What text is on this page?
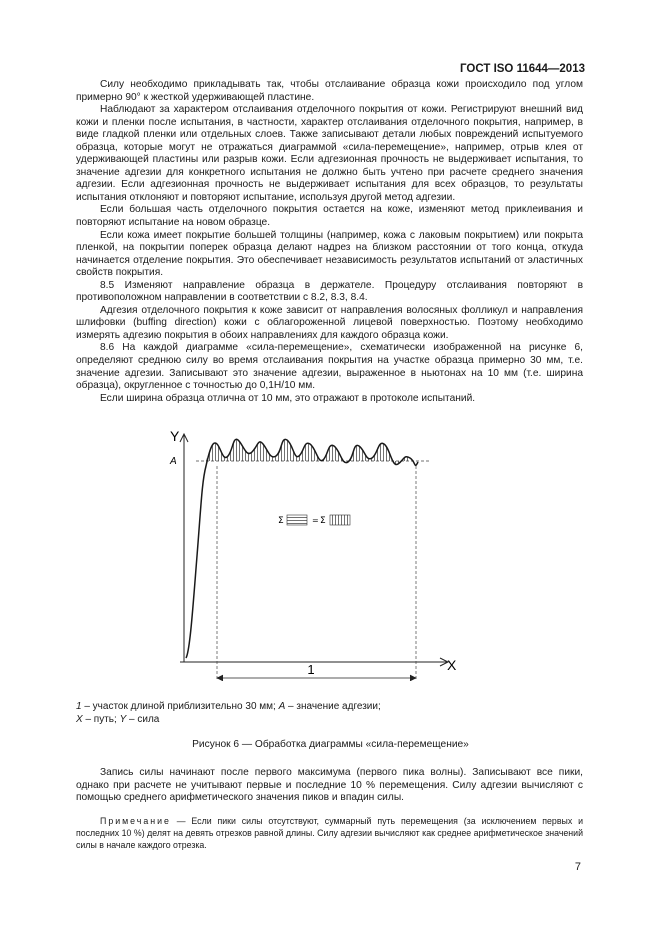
ГОСТ ISO 11644—2013

Силу необходимо прикладывать так, чтобы отслаивание образца кожи происходило под углом примерно 90° к жесткой удерживающей пластине.

Наблюдают за характером отслаивания отделочного покрытия от кожи. Регистрируют внешний вид кожи и пленки после испытания, в частности, характер отслаивания отделочного покрытия, например, в виде гладкой пленки или отдельных слоев. Также записывают детали любых повреждений испытуемого образца, которые могут не отражаться диаграммой «сила-перемещение», например, отрыв клея от удерживающей пластины или разрыв кожи. Если адгезионная прочность не выдерживает испытания, то значение адгезии для конкретного испытания не должно быть учтено при расчете среднего значения адгезии. Если адгезионная прочность не выдерживает испытания для всех образцов, то результаты испытания отклоняют и повторяют испытание, используя другой метод адгезии.

Если большая часть отделочного покрытия остается на коже, изменяют метод приклеивания и повторяют испытание на новом образце.

Если кожа имеет покрытие большей толщины (например, кожа с лаковым покрытием) или покрыта пленкой, на покрытии поперек образца делают надрез на близком расстоянии от того конца, откуда начинается отделение покрытия. Это обеспечивает независимость результатов испытаний от эластичных свойств покрытия.

8.5 Изменяют направление образца в держателе. Процедуру отслаивания повторяют в противоположном направлении в соответствии с 8.2, 8.3, 8.4.

Адгезия отделочного покрытия к коже зависит от направления волосяных фолликул и направления шлифовки (buffing direction) кожи с облагороженной лицевой поверхностью. Поэтому необходимо измерять адгезию покрытия в обоих направлениях для каждого образца кожи.

8.6 На каждой диаграмме «сила-перемещение», схематически изображенной на рисунке 6, определяют среднюю силу во время отслаивания покрытия на участке образца примерно 30 мм, т.е. значение адгезии. Записывают это значение адгезии, выраженное в ньютонах на 10 мм (т.е. ширина образца), округленное с точностью до 0,1Н/10 мм.

Если ширина образца отлична от 10 мм, это отражают в протоколе испытаний.

Y
X
A
1
Σ	= Σ
1 – участок длиной приблизительно 30 мм; A – значение адгезии;
X – путь; Y – сила
Рисунок 6 — Обработка диаграммы «сила-перемещение»

Запись силы начинают после первого максимума (первого пика волны). Записывают все пики, однако при расчете не учитывают первые и последние 10 % перемещения. Силу адгезии вычисляют с помощью среднего арифметического значения пиков и впадин силы.

Примечание — Если пики силы отсутствуют, суммарный путь перемещения (за исключением первых и последних 10 %) делят на девять отрезков равной длины. Силу адгезии вычисляют как среднее арифметическое значений силы в начале каждого отрезка.

7
